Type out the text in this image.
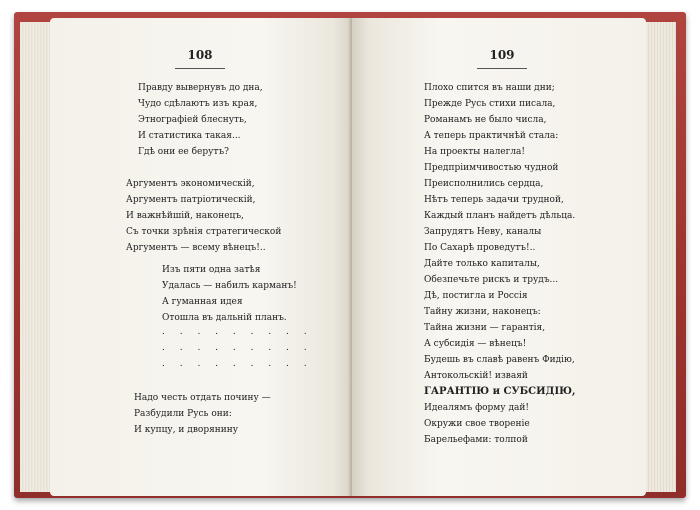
108
Правду вывернувъ до дна,
Чудо сдѣлаютъ изъ края,
Этнографіей блеснуть,
И статистика такая...
Гдѣ они ее берутъ?
Аргументъ экономическій,
Аргументъ патріотическій,
И важнѣйшій, наконецъ,
Съ точки зрѣнія стратегической
Аргументъ — всему вѣнецъ!..
Изъ пяти одна затѣя
Удалась — набилъ карманъ!
А гуманная идея
Отошла въ дальній планъ.
. . . . . . . . .
. . . . . . . . .
. . . . . . . . .
Надо честь отдать почину —
Разбудили Русь они:
И купцу, и дворянину
109
Плохо спится въ наши дни;
Прежде Русь стихи писала,
Романамъ не было числа,
А теперь практичнѣй стала:
На проекты налегла!
Предпріимчивостью чудной
Преисполнились сердца,
Нѣтъ теперь задачи трудной,
Каждый планъ найдетъ дѣльца.
Запрудятъ Неву, каналы
По Сахарѣ проведутъ!..
Дайте только капиталы,
Обезпечьте рискъ и трудъ...
Дѣ, постигла и Россія
Тайну жизни, наконецъ:
Тайна жизни — гарантія,
А субсидія — вѣнецъ!
Будешь въ славѣ равенъ Фидію,
Антокольскій! изваяй
ГАРАНТІЮ и СУБСИДІЮ,
Идеалямъ форму дай!
Окружи свое твореніе
Барельефами: толпой
